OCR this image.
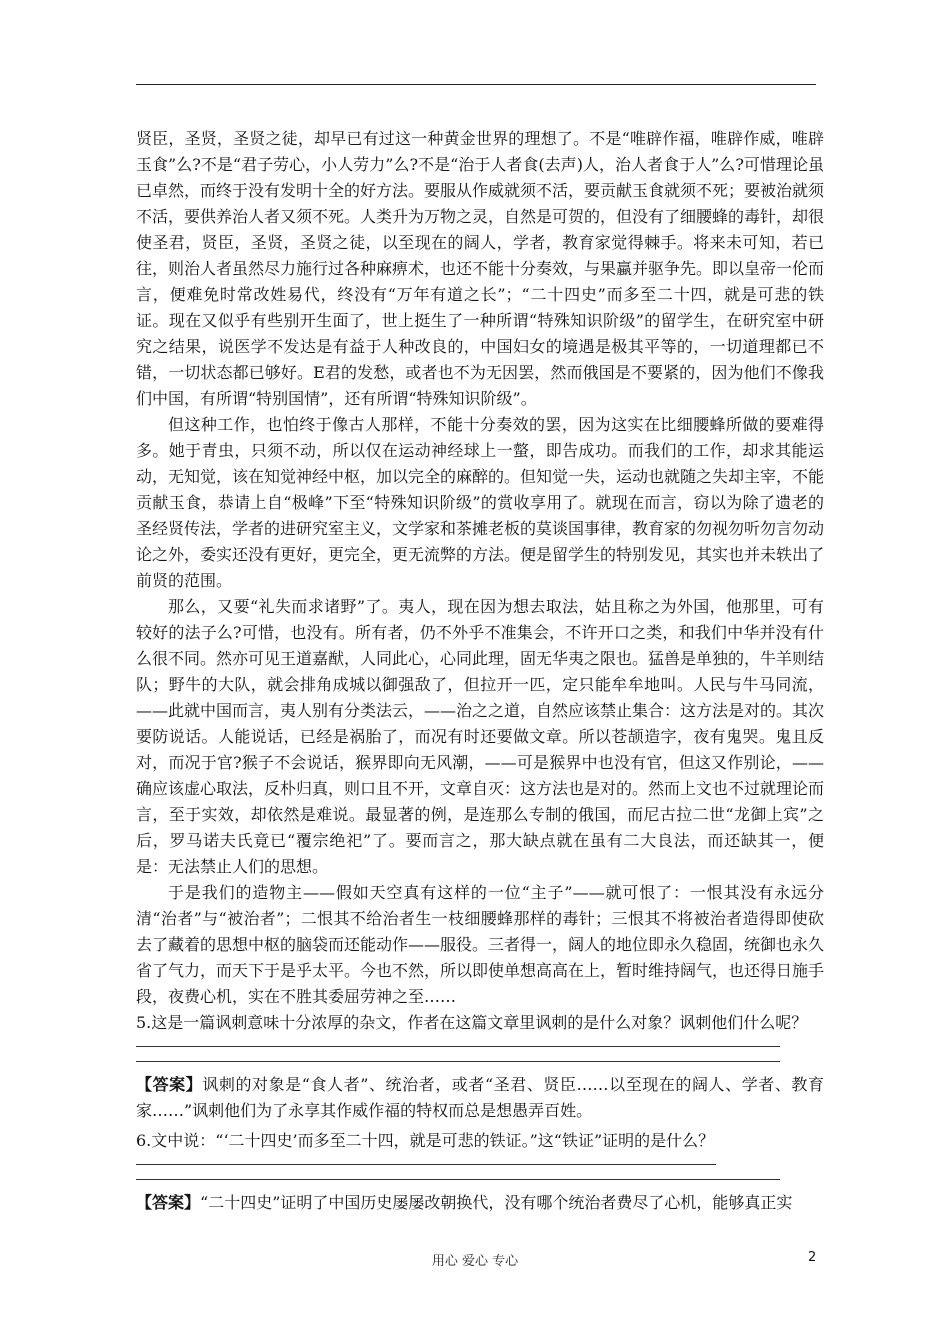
贤臣，圣贤，圣贤之徒，却早已有过这一种黄金世界的理想了。不是“唯辟作福，唯辟作威，唯辟玉食”么?不是“君子劳心，小人劳力”么?不是“治于人者食(去声)人，治人者食于人”么?可惜理论虽已卓然，而终于没有发明十全的好方法。要服从作威就须不活，要贡献玉食就须不死；要被治就须不活，要供养治人者又须不死。人类升为万物之灵，自然是可贺的，但没有了细腰蜂的毒针，却很使圣君，贤臣，圣贤，圣贤之徒，以至现在的阔人，学者，教育家觉得棘手。将来未可知，若已往，则治人者虽然尽力施行过各种麻痹术，也还不能十分奏效，与果蠃并驱争先。即以皇帝一伦而言，便难免时常改姓易代，终没有“万年有道之长”；“二十四史”而多至二十四，就是可悲的铁证。现在又似乎有些别开生面了，世上挺生了一种所谓“特殊知识阶级”的留学生，在研究室中研究之结果，说医学不发达是有益于人种改良的，中国妇女的境遇是极其平等的，一切道理都已不错，一切状态都已够好。E君的发愁，或者也不为无因罢，然而俄国是不要紧的，因为他们不像我们中国，有所谓“特别国情”，还有所谓“特殊知识阶级”。

但这种工作，也怕终于像古人那样，不能十分奏效的罢，因为这实在比细腰蜂所做的要难得多。她于青虫，只须不动，所以仅在运动神经球上一螫，即告成功。而我们的工作，却求其能运动，无知觉，该在知觉神经中枢，加以完全的麻醉的。但知觉一失，运动也就随之失却主宰，不能贡献玉食，恭请上自“极峰”下至“特殊知识阶级”的赏收享用了。就现在而言，窃以为除了遗老的圣经贤传法，学者的进研究室主义，文学家和茶摊老板的莫谈国事律，教育家的勿视勿听勿言勿动论之外，委实还没有更好，更完全，更无流弊的方法。便是留学生的特别发见，其实也并未轶出了前贤的范围。

那么，又要“礼失而求诸野”了。夷人，现在因为想去取法，姑且称之为外国，他那里，可有较好的法子么?可惜，也没有。所有者，仍不外乎不准集会，不许开口之类，和我们中华并没有什么很不同。然亦可见王道嘉猷，人同此心，心同此理，固无华夷之限也。猛兽是单独的，牛羊则结队；野牛的大队，就会排角成城以御强敌了，但拉开一匹，定只能牟牟地叫。人民与牛马同流，——此就中国而言，夷人别有分类法云，——治之之道，自然应该禁止集合：这方法是对的。其次要防说话。人能说话，已经是祸胎了，而况有时还要做文章。所以苍颉造字，夜有鬼哭。鬼且反对，而况于官?猴子不会说话，猴界即向无风潮，——可是猴界中也没有官，但这又作别论，——确应该虚心取法，反朴归真，则口且不开，文章自灭：这方法也是对的。然而上文也不过就理论而言，至于实效，却依然是难说。最显著的例，是连那么专制的俄国，而尼古拉二世“龙御上宾”之后，罗马诺夫氏竟已“覆宗绝祀”了。要而言之，那大缺点就在虽有二大良法，而还缺其一，便是：无法禁止人们的思想。

于是我们的造物主——假如天空真有这样的一位“主子”——就可恨了：一恨其没有永远分清“治者”与“被治者”；二恨其不给治者生一枝细腰蜂那样的毒针；三恨其不将被治者造得即使砍去了藏着的思想中枢的脑袋而还能动作——服役。三者得一，阔人的地位即永久稳固，统御也永久省了气力，而天下于是乎太平。今也不然，所以即使单想高高在上，暂时维持阔气，也还得日施手段，夜费心机，实在不胜其委屈劳神之至……

5.这是一篇讽刺意味十分浓厚的杂文，作者在这篇文章里讽刺的是什么对象？讽刺他们什么呢？

【答案】讽刺的对象是“食人者”、统治者，或者“圣君、贤臣……以至现在的阔人、学者、教育家……”讽刺他们为了永享其作威作福的特权而总是想愚弄百姓。

6.文中说：“‘二十四史’而多至二十四，就是可悲的铁证。”这“铁证”证明的是什么？

【答案】“二十四史”证明了中国历史屡屡改朝换代，没有哪个统治者费尽了心机，能够真正实

用心 爱心 专心	2
